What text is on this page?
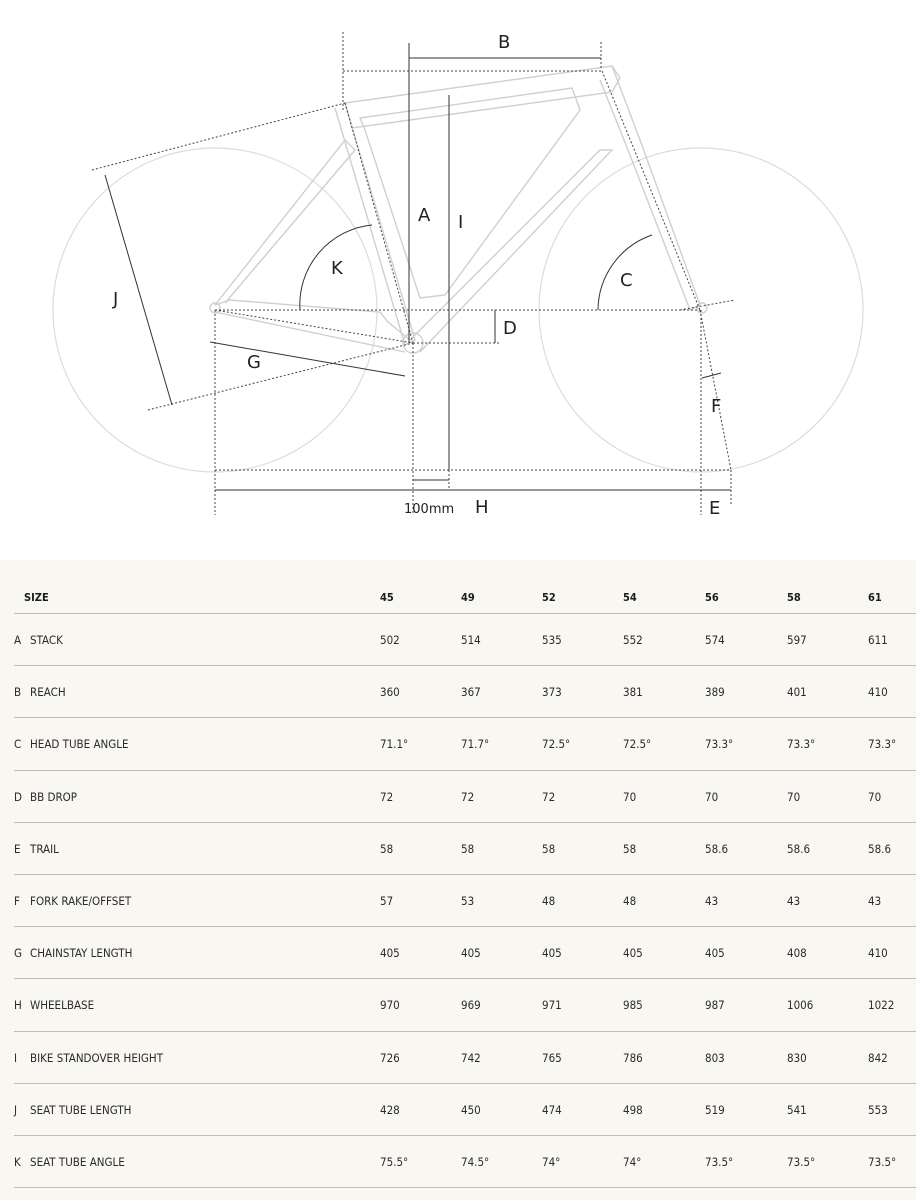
B
A I
K
C
J
D
G
F
100mm H	E
SIZE	45	49	52	54	56	58	61
A STACK	502	514	535	552	574	597	611
B REACH	360	367	373	381	389	401	410
C HEAD TUBE ANGLE	71.1°	71.7°	72.5°	72.5°	73.3°	73.3°	73.3°
D BB DROP	72	72	72	70	70	70	70
E TRAIL	58	58	58	58	58.6	58.6	58.6
F FORK RAKE/OFFSET	57	53	48	48	43	43	43
G CHAINSTAY LENGTH	405	405	405	405	405	408	410
H WHEELBASE	970	969	971	985	987	1006	1022
I	BIKE STANDOVER HEIGHT	726	742	765	786	803	830	842
J	SEAT TUBE LENGTH	428	450	474	498	519	541	553
K SEAT TUBE ANGLE	75.5°	74.5°	74°	74°	73.5°	73.5°	73.5°
